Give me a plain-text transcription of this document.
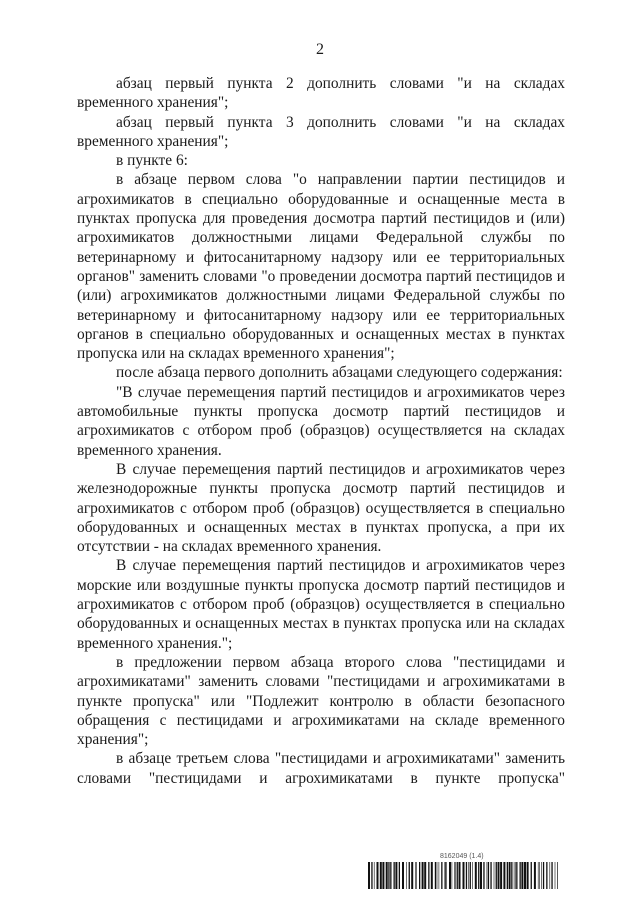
2

абзац первый пункта 2 дополнить словами "и на складах временного хранения";

абзац первый пункта 3 дополнить словами "и на складах временного хранения";

в пункте 6:

в абзаце первом слова "о направлении партии пестицидов и агрохимикатов в специально оборудованные и оснащенные места в пунктах пропуска для проведения досмотра партий пестицидов и (или) агрохимикатов должностными лицами Федеральной службы по ветеринарному и фитосанитарному надзору или ее территориальных органов" заменить словами "о проведении досмотра партий пестицидов и (или) агрохимикатов должностными лицами Федеральной службы по ветеринарному и фитосанитарному надзору или ее территориальных органов в специально оборудованных и оснащенных местах в пунктах пропуска или на складах временного хранения";

после абзаца первого дополнить абзацами следующего содержания:

"В случае перемещения партий пестицидов и агрохимикатов через автомобильные пункты пропуска досмотр партий пестицидов и агрохимикатов с отбором проб (образцов) осуществляется на складах временного хранения.

В случае перемещения партий пестицидов и агрохимикатов через железнодорожные пункты пропуска досмотр партий пестицидов и агрохимикатов с отбором проб (образцов) осуществляется в специально оборудованных и оснащенных местах в пунктах пропуска, а при их отсутствии - на складах временного хранения.

В случае перемещения партий пестицидов и агрохимикатов через морские или воздушные пункты пропуска досмотр партий пестицидов и агрохимикатов с отбором проб (образцов) осуществляется в специально оборудованных и оснащенных местах в пунктах пропуска или на складах временного хранения.";

в предложении первом абзаца второго слова "пестицидами и агрохимикатами" заменить словами "пестицидами и агрохимикатами в пункте пропуска" или "Подлежит контролю в области безопасного обращения с пестицидами и агрохимикатами на складе временного хранения";

в абзаце третьем слова "пестицидами и агрохимикатами" заменить словами "пестицидами и агрохимикатами в пункте пропуска"

8162049 (1.4)
